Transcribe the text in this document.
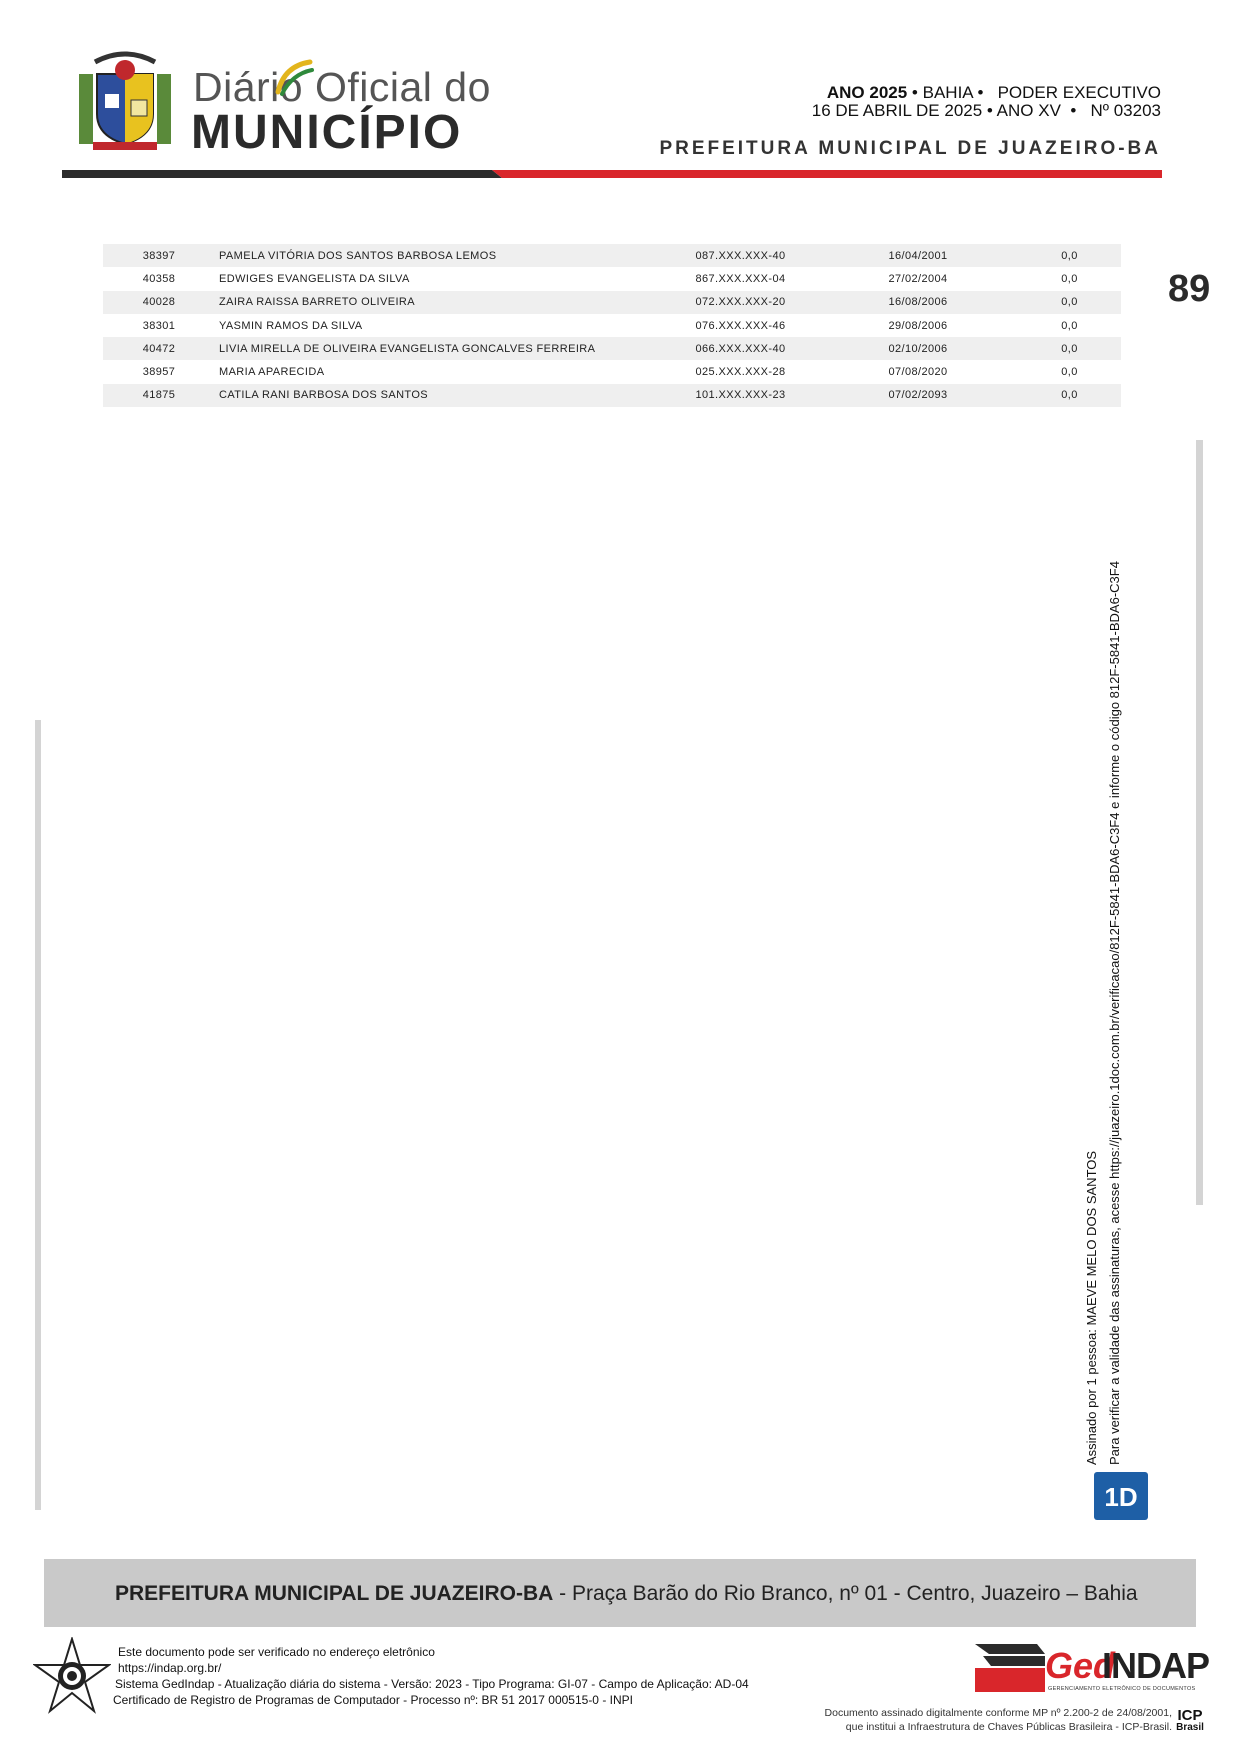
Diário Oficial do
MUNICÍPIO
ANO 2025 • BAHIA •   PODER EXECUTIVO
16 DE ABRIL DE 2025 • ANO XV  •   Nº 03203
PREFEITURA MUNICIPAL DE JUAZEIRO-BA
38397	PAMELA VITÓRIA DOS SANTOS BARBOSA LEMOS	087.XXX.XXX-40	16/04/2001	0,0
40358	EDWIGES EVANGELISTA DA SILVA	867.XXX.XXX-04	27/02/2004	0,0
40028	ZAIRA RAISSA BARRETO OLIVEIRA	072.XXX.XXX-20	16/08/2006	0,0
38301	YASMIN RAMOS DA SILVA	076.XXX.XXX-46	29/08/2006	0,0
40472	LIVIA MIRELLA DE OLIVEIRA EVANGELISTA GONCALVES FERREIRA	066.XXX.XXX-40	02/10/2006	0,0
38957	MARIA APARECIDA	025.XXX.XXX-28	07/08/2020	0,0
41875	CATILA RANI BARBOSA DOS SANTOS	101.XXX.XXX-23	07/02/2093	0,0
89
Assinado por 1 pessoa: MAEVE MELO DOS SANTOS Para verificar a validade das assinaturas, acesse https://juazeiro.1doc.com.br/verificacao/812F-5841-BDA6-C3F4 e informe o código 812F-5841-BDA6-C3F4
1D
PREFEITURA MUNICIPAL DE JUAZEIRO-BA - Praça Barão do Rio Branco, nº 01 - Centro, Juazeiro – Bahia
Este documento pode ser verificado no endereço eletrônico
https://indap.org.br/
Sistema GedIndap - Atualização diária do sistema - Versão: 2023 - Tipo Programa: GI-07 - Campo de Aplicação: AD-04
Certificado de Registro de Programas de Computador - Processo nº: BR 51 2017 000515-0 - INPI
Ged
INDAP
GERENCIAMENTO ELETRÔNICO DE DOCUMENTOS
Documento assinado digitalmente conforme MP nº 2.200-2 de 24/08/2001,
que institui a Infraestrutura de Chaves Públicas Brasileira - ICP-Brasil.
ICP
Brasil
